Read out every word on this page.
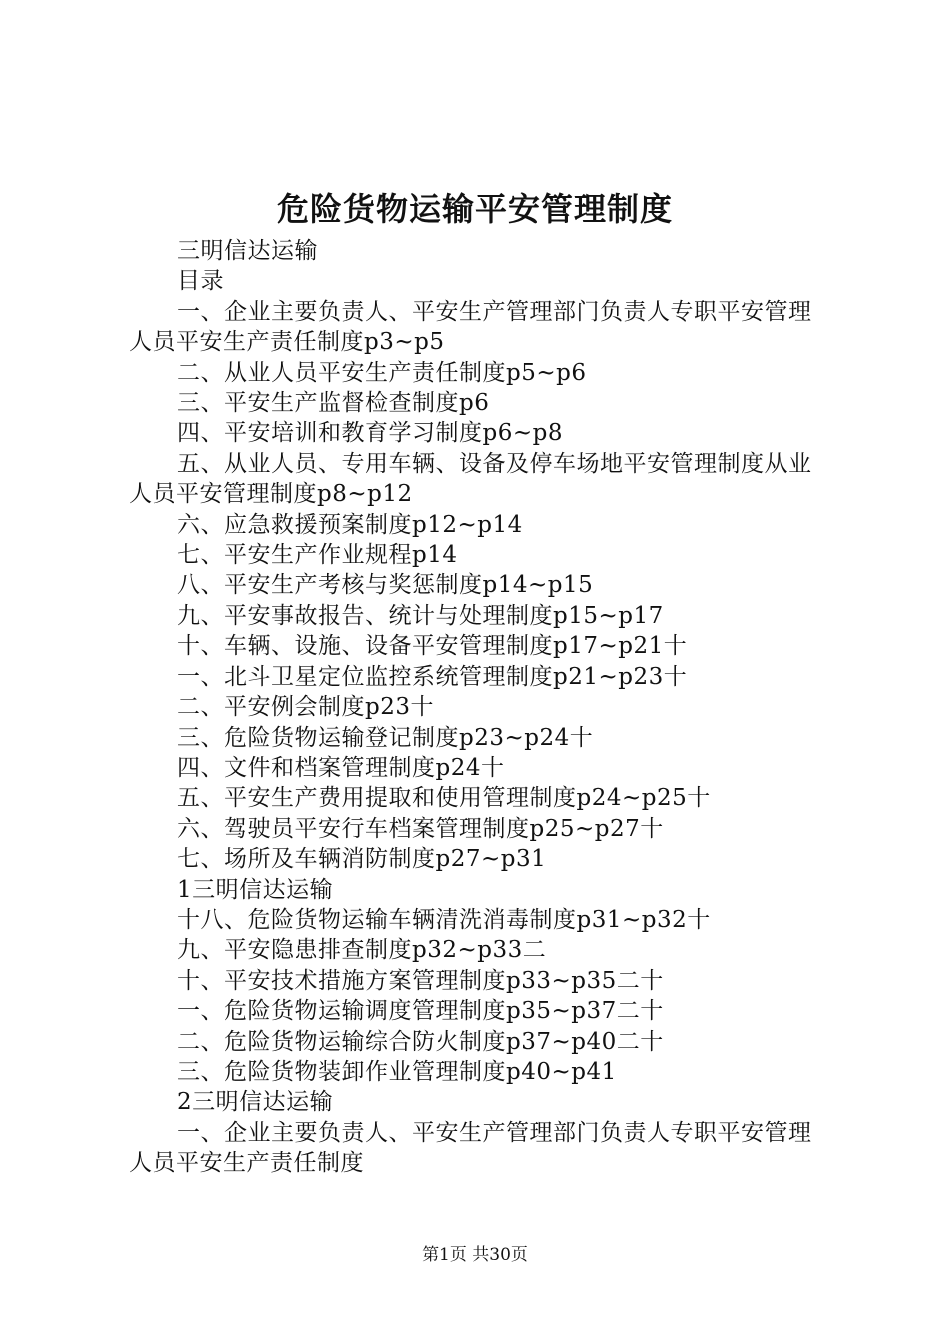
危险货物运输平安管理制度

三明信达运输

目录

一、企业主要负责人、平安生产管理部门负责人专职平安管理人员平安生产责任制度p3~p5

二、从业人员平安生产责任制度p5~p6

三、平安生产监督检查制度p6

四、平安培训和教育学习制度p6~p8

五、从业人员、专用车辆、设备及停车场地平安管理制度从业人员平安管理制度p8~p12

六、应急救援预案制度p12~p14

七、平安生产作业规程p14

八、平安生产考核与奖惩制度p14~p15

九、平安事故报告、统计与处理制度p15~p17

十、车辆、设施、设备平安管理制度p17~p21十

一、北斗卫星定位监控系统管理制度p21~p23十

二、平安例会制度p23十

三、危险货物运输登记制度p23~p24十

四、文件和档案管理制度p24十

五、平安生产费用提取和使用管理制度p24~p25十

六、驾驶员平安行车档案管理制度p25~p27十

七、场所及车辆消防制度p27~p31

1三明信达运输

十八、危险货物运输车辆清洗消毒制度p31~p32十

九、平安隐患排查制度p32~p33二

十、平安技术措施方案管理制度p33~p35二十

一、危险货物运输调度管理制度p35~p37二十

二、危险货物运输综合防火制度p37~p40二十

三、危险货物装卸作业管理制度p40~p41

2三明信达运输

一、企业主要负责人、平安生产管理部门负责人专职平安管理人员平安生产责任制度

第1页 共30页
